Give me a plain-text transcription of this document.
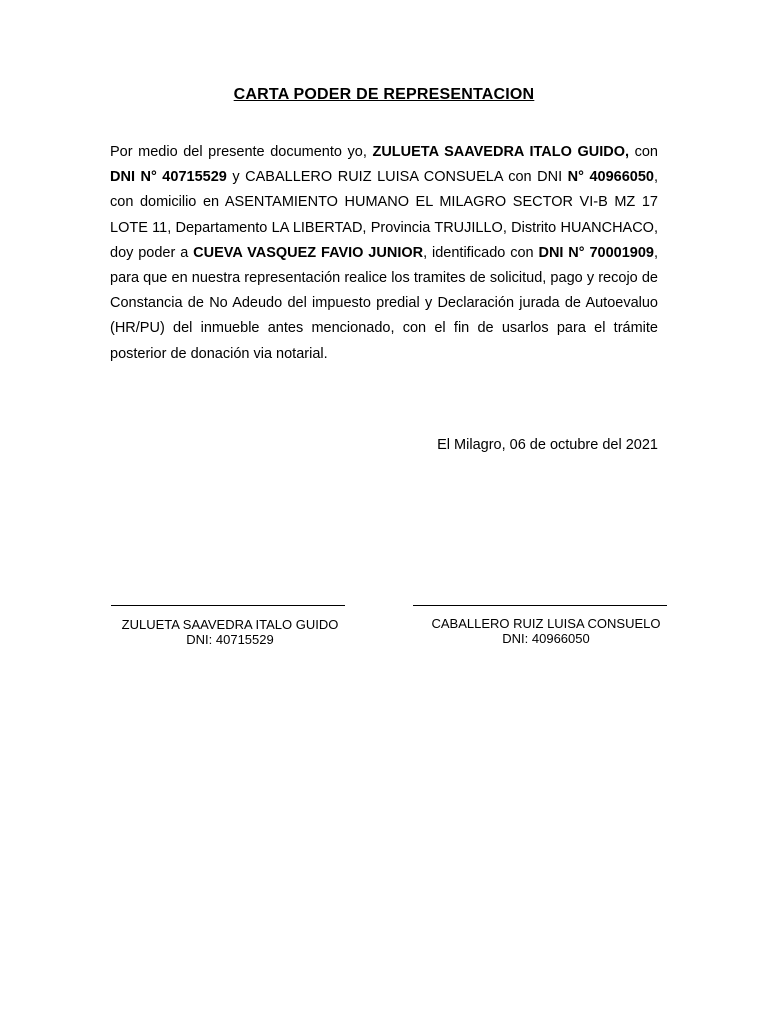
CARTA PODER DE REPRESENTACION
Por medio del presente documento yo, ZULUETA SAAVEDRA ITALO GUIDO, con DNI N° 40715529 y CABALLERO RUIZ LUISA CONSUELA con DNI N° 40966050, con domicilio en ASENTAMIENTO HUMANO EL MILAGRO SECTOR VI-B MZ 17 LOTE 11, Departamento LA LIBERTAD, Provincia TRUJILLO, Distrito HUANCHACO, doy poder a CUEVA VASQUEZ FAVIO JUNIOR, identificado con DNI N° 70001909, para que en nuestra representación realice los tramites de solicitud, pago y recojo de Constancia de No Adeudo del impuesto predial y Declaración jurada de Autoevaluo (HR/PU) del inmueble antes mencionado, con el fin de usarlos para el trámite posterior de donación via notarial.
El Milagro, 06 de octubre del 2021
ZULUETA SAAVEDRA ITALO GUIDO
DNI: 40715529
CABALLERO RUIZ LUISA CONSUELO
DNI: 40966050
